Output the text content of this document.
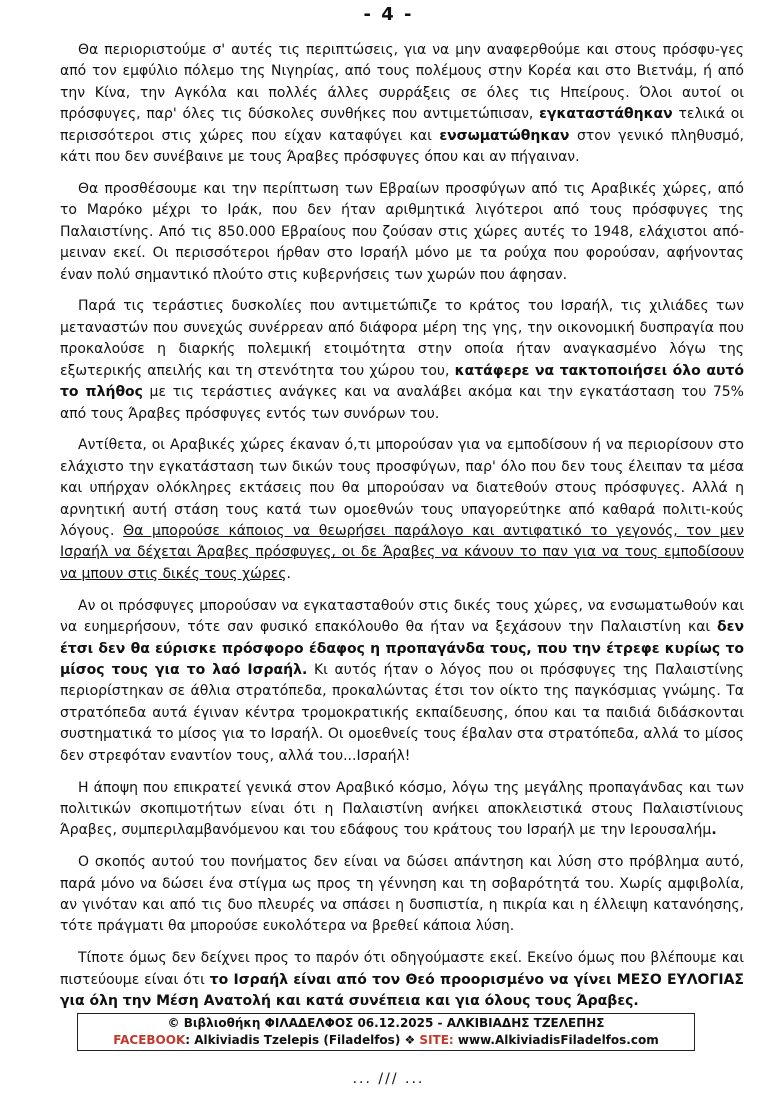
- 4 -

Θα περιοριστούμε σ' αυτές τις περιπτώσεις, για να μην αναφερθούμε και στους πρόσφυ-γες από τον εμφύλιο πόλεμο της Νιγηρίας, από τους πολέμους στην Κορέα και στο Βιετνάμ, ή από την Κίνα, την Αγκόλα και πολλές άλλες συρράξεις σε όλες τις Ηπείρους. Όλοι αυτοί οι πρόσφυγες, παρ' όλες τις δύσκολες συνθήκες που αντιμετώπισαν, εγκαταστάθηκαν τελικά οι περισσότεροι στις χώρες που είχαν καταφύγει και ενσωματώθηκαν στον γενικό πληθυσμό, κάτι που δεν συνέβαινε με τους Άραβες πρόσφυγες όπου και αν πήγαιναν.

Θα προσθέσουμε και την περίπτωση των Εβραίων προσφύγων από τις Αραβικές χώρες, από το Μαρόκο μέχρι το Ιράκ, που δεν ήταν αριθμητικά λιγότεροι από τους πρόσφυγες της Παλαιστίνης. Από τις 850.000 Εβραίους που ζούσαν στις χώρες αυτές το 1948, ελάχιστοι από-μειναν εκεί. Οι περισσότεροι ήρθαν στο Ισραήλ μόνο με τα ρούχα που φορούσαν, αφήνοντας έναν πολύ σημαντικό πλούτο στις κυβερνήσεις των χωρών που άφησαν.

Παρά τις τεράστιες δυσκολίες που αντιμετώπιζε το κράτος του Ισραήλ, τις χιλιάδες των μεταναστών που συνεχώς συνέρρεαν από διάφορα μέρη της γης, την οικονομική δυσπραγία που προκαλούσε η διαρκής πολεμική ετοιμότητα στην οποία ήταν αναγκασμένο λόγω της εξωτερικής απειλής και τη στενότητα του χώρου του, κατάφερε να τακτοποιήσει όλο αυτό το πλήθος με τις τεράστιες ανάγκες και να αναλάβει ακόμα και την εγκατάσταση του 75% από τους Άραβες πρόσφυγες εντός των συνόρων του.

Αντίθετα, οι Αραβικές χώρες έκαναν ό,τι μπορούσαν για να εμποδίσουν ή να περιορίσουν στο ελάχιστο την εγκατάσταση των δικών τους προσφύγων, παρ' όλο που δεν τους έλειπαν τα μέσα και υπήρχαν ολόκληρες εκτάσεις που θα μπορούσαν να διατεθούν στους πρόσφυγες. Αλλά η αρνητική αυτή στάση τους κατά των ομοεθνών τους υπαγορεύτηκε από καθαρά πολιτι-κούς λόγους. Θα μπορούσε κάποιος να θεωρήσει παράλογο και αντιφατικό το γεγονός, τον μεν Ισραήλ να δέχεται Άραβες πρόσφυγες, οι δε Άραβες να κάνουν το παν για να τους εμποδίσουν να μπουν στις δικές τους χώρες.

Αν οι πρόσφυγες μπορούσαν να εγκατασταθούν στις δικές τους χώρες, να ενσωματωθούν και να ευημερήσουν, τότε σαν φυσικό επακόλουθο θα ήταν να ξεχάσουν την Παλαιστίνη και δεν έτσι δεν θα εύρισκε πρόσφορο έδαφος η προπαγάνδα τους, που την έτρεφε κυρίως το μίσος τους για το λαό Ισραήλ. Κι αυτός ήταν ο λόγος που οι πρόσφυγες της Παλαιστίνης περιορίστηκαν σε άθλια στρατόπεδα, προκαλώντας έτσι τον οίκτο της παγκόσμιας γνώμης. Τα στρατόπεδα αυτά έγιναν κέντρα τρομοκρατικής εκπαίδευσης, όπου και τα παιδιά διδάσκονται συστηματικά το μίσος για το Ισραήλ. Οι ομοεθνείς τους έβαλαν στα στρατόπεδα, αλλά το μίσος δεν στρεφόταν εναντίον τους, αλλά του...Ισραήλ!

Η άποψη που επικρατεί γενικά στον Αραβικό κόσμο, λόγω της μεγάλης προπαγάνδας και των πολιτικών σκοπιμοτήτων είναι ότι η Παλαιστίνη ανήκει αποκλειστικά στους Παλαιστίνιους Άραβες, συμπεριλαμβανόμενου και του εδάφους του κράτους του Ισραήλ με την Ιερουσαλήμ.

Ο σκοπός αυτού του πονήματος δεν είναι να δώσει απάντηση και λύση στο πρόβλημα αυτό, παρά μόνο να δώσει ένα στίγμα ως προς τη γέννηση και τη σοβαρότητά του. Χωρίς αμφιβολία, αν γινόταν και από τις δυο πλευρές να σπάσει η δυσπιστία, η πικρία και η έλλειψη κατανόησης, τότε πράγματι θα μπορούσε ευκολότερα να βρεθεί κάποια λύση.

Τίποτε όμως δεν δείχνει προς το παρόν ότι οδηγούμαστε εκεί. Εκείνο όμως που βλέπουμε και πιστεύουμε είναι ότι το Ισραήλ είναι από τον Θεό προορισμένο να γίνει ΜΕΣΟ ΕΥΛΟΓΙΑΣ για όλη την Μέση Ανατολή και κατά συνέπεια και για όλους τους Άραβες.

© Βιβλιοθήκη ΦΙΛΑΔΕΛΦΟΣ 06.12.2025 - ΑΛΚΙΒΙΑΔΗΣ ΤΖΕΛΕΠΗΣ
FACEBOOK: Alkiviadis Tzelepis (Filadelfos) ❖ SITE: www.AlkiviadisFiladelfos.com
... /// ...
